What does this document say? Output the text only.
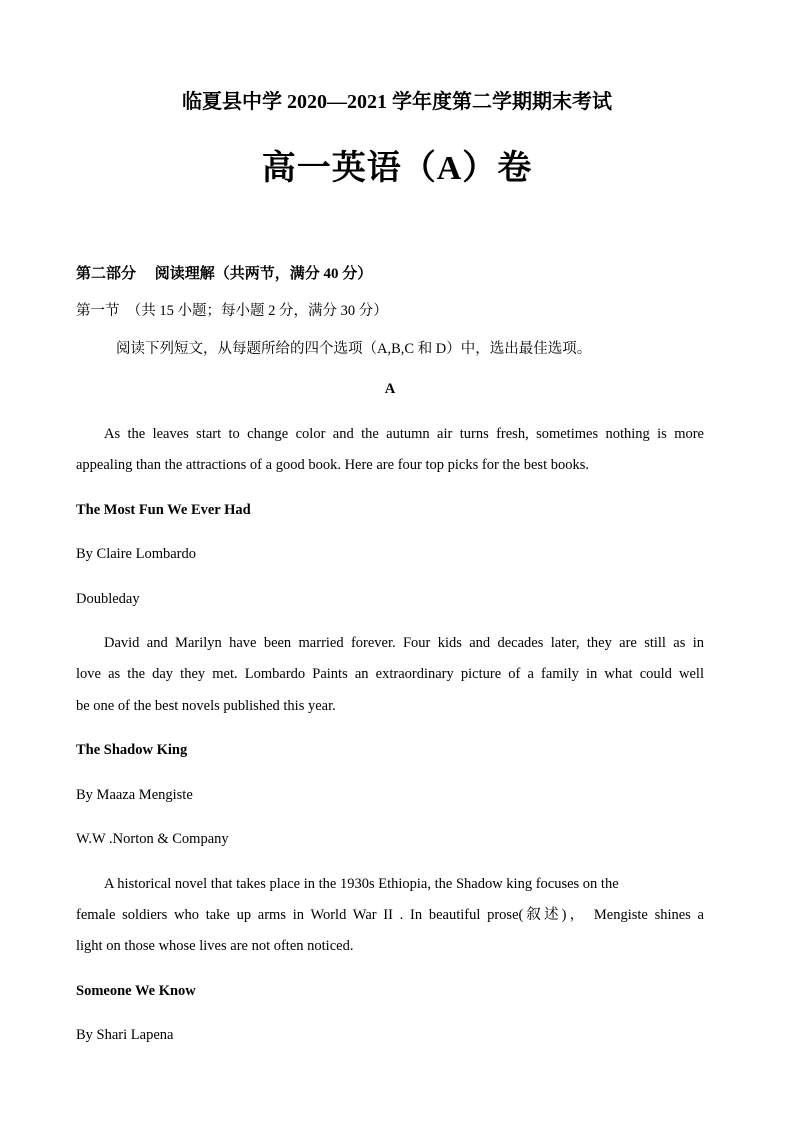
临夏县中学 2020—2021 学年度第二学期期末考试
高一英语（A）卷

第二部分　 阅读理解（共两节，满分 40 分）

第一节　（共 15 小题；每小题 2 分，满分 30 分）

阅读下列短文，从每题所给的四个选项（A,B,C 和 D）中，选出最佳选项。

A

As the leaves start to change color and the autumn air turns fresh, sometimes nothing is more

appealing than the attractions of a good book. Here are four top picks for the best books.

The Most Fun We Ever Had

By Claire Lombardo

Doubleday

David and Marilyn have been married forever. Four kids and decades later, they are still as in

love as the day they met. Lombardo Paints an extraordinary picture of a family in what could well

be one of the best novels published this year.

The Shadow King

By Maaza Mengiste

W.W .Norton & Company

A historical novel that takes place in the 1930s Ethiopia, the Shadow king focuses on the

female soldiers who take up arms in World War II . In beautiful prose(叙述)， Mengiste shines a

light on those whose lives are not often noticed.

Someone We Know

By Shari Lapena
